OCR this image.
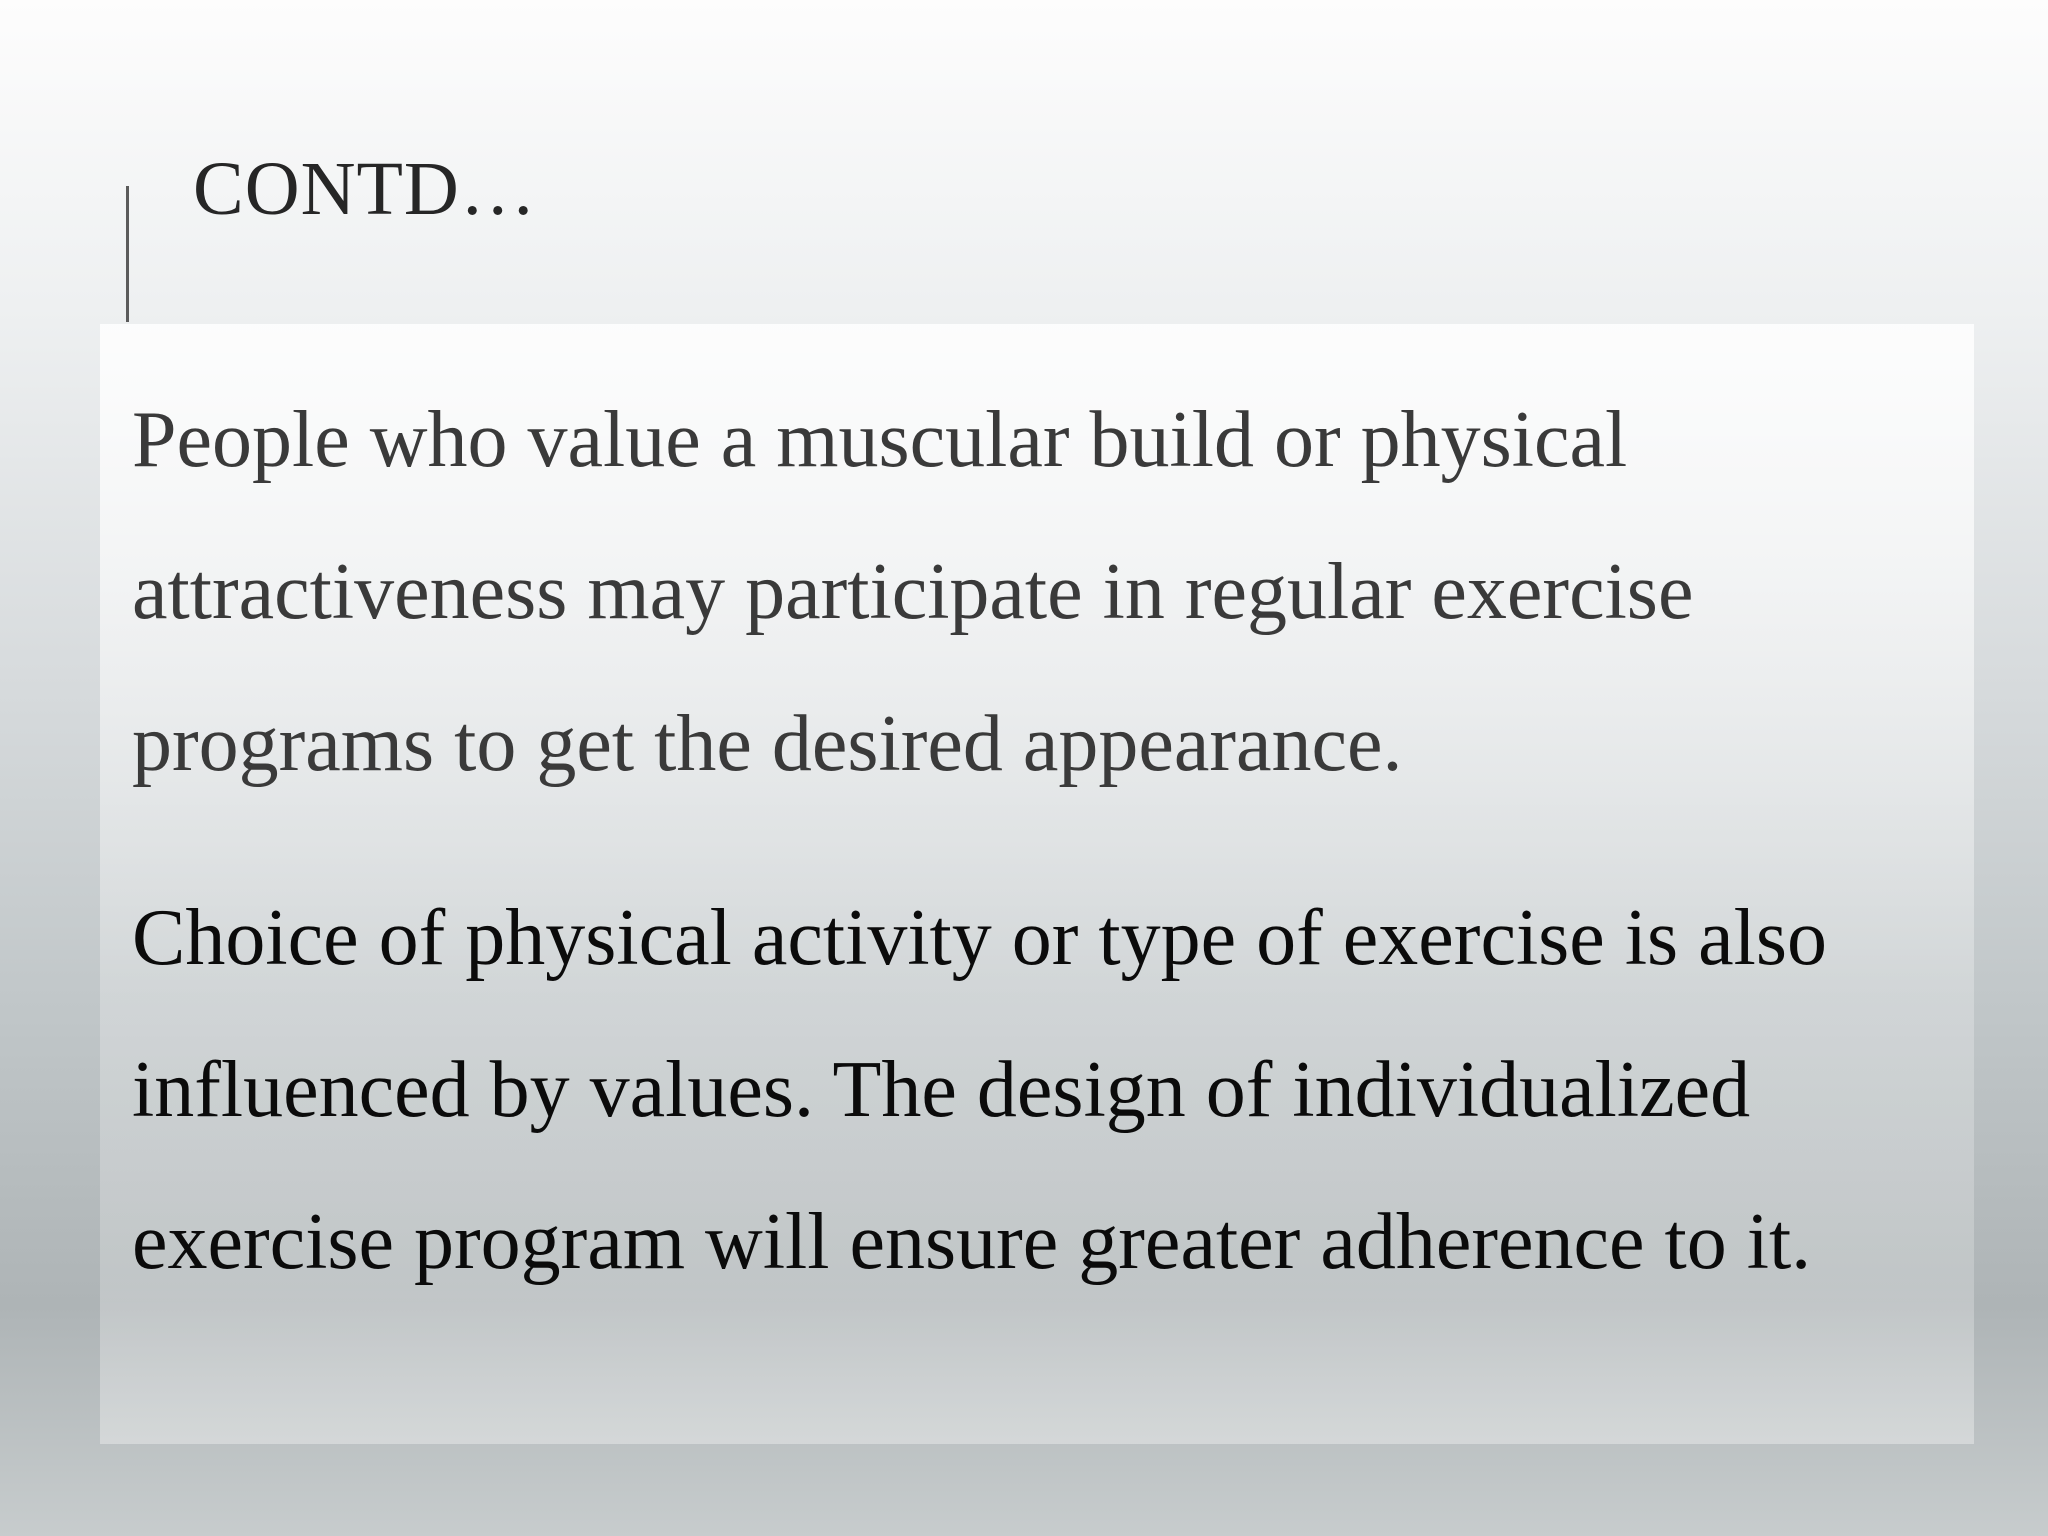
CONTD…

People who value a muscular build or physical
attractiveness may participate in regular exercise
programs to get the desired appearance.

Choice of physical activity or type of exercise is also
influenced by values. The design of individualized
exercise program will ensure greater adherence to it.
